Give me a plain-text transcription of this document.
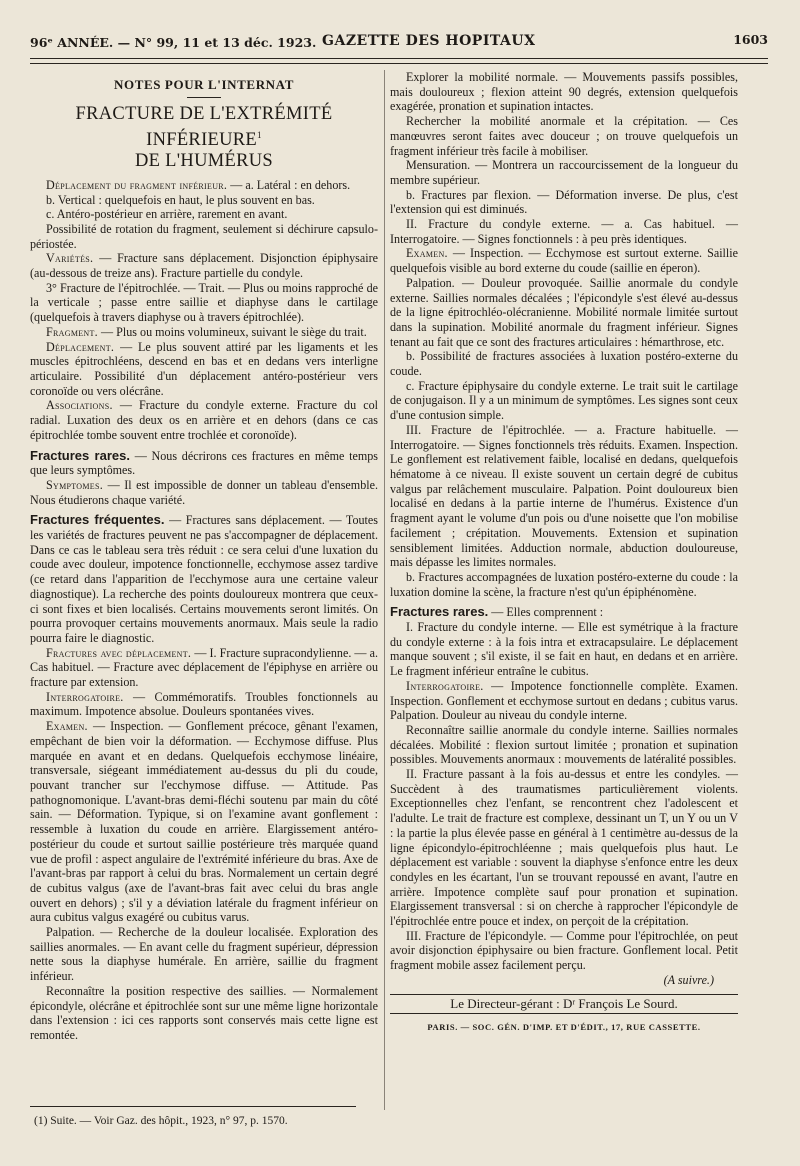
96ᵉ ANNÉE. — N° 99, 11 et 13 déc. 1923. GAZETTE DES HOPITAUX	1603
NOTES POUR L'INTERNAT
FRACTURE DE L'EXTRÉMITÉ INFÉRIEURE$^1$
DE L'HUMÉRUS

Déplacement du fragment inférieur. — a. Latéral : en dehors.

b. Vertical : quelquefois en haut, le plus souvent en bas.

c. Antéro-postérieur en arrière, rarement en avant.

Possibilité de rotation du fragment, seulement si déchirure capsulo-périostée.

Variétés. — Fracture sans déplacement. Disjonction épiphysaire (au-dessous de treize ans). Fracture partielle du condyle.

3° Fracture de l'épitrochlée. — Trait. — Plus ou moins rapproché de la verticale ; passe entre saillie et diaphyse dans le cartilage (quelquefois à travers diaphyse ou à travers épitrochlée).

Fragment. — Plus ou moins volumineux, suivant le siège du trait.

Déplacement. — Le plus souvent attiré par les ligaments et les muscles épitrochléens, descend en bas et en dedans vers interligne articulaire. Possibilité d'un déplacement antéro-postérieur vers coronoïde ou vers olécrâne.

Associations. — Fracture du condyle externe. Fracture du col radial. Luxation des deux os en arrière et en dehors (dans ce cas épitrochlée tombe souvent entre trochlée et coronoïde).

Fractures rares. — Nous décrirons ces fractures en même temps que leurs symptômes.

Symptomes. — Il est impossible de donner un tableau d'ensemble. Nous étudierons chaque variété.

Fractures fréquentes. — Fractures sans déplacement. — Toutes les variétés de fractures peuvent ne pas s'accompagner de déplacement. Dans ce cas le tableau sera très réduit : ce sera celui d'une luxation du coude avec douleur, impotence fonctionnelle, ecchymose assez tardive (ce retard dans l'apparition de l'ecchymose aura une certaine valeur diagnostique). La recherche des points douloureux montrera que ceux-ci sont fixes et bien localisés. Certains mouvements seront limités. On pourra provoquer certains mouvements anormaux. Mais seule la radio pourra faire le diagnostic.

Fractures avec déplacement. — I. Fracture supracondylienne. — a. Cas habituel. — Fracture avec déplacement de l'épiphyse en arrière ou fracture par extension.

Interrogatoire. — Commémoratifs. Troubles fonctionnels au maximum. Impotence absolue. Douleurs spontanées vives.

Examen. — Inspection. — Gonflement précoce, gênant l'examen, empêchant de bien voir la déformation. — Ecchymose diffuse. Plus marquée en avant et en dedans. Quelquefois ecchymose linéaire, transversale, siégeant immédiatement au-dessus du pli du coude, pouvant trancher sur l'ecchymose diffuse. — Attitude. Pas pathognomonique. L'avant-bras demi-fléchi soutenu par main du côté sain. — Déformation. Typique, si on l'examine avant gonflement : ressemble à luxation du coude en arrière. Elargissement antéro-postérieur du coude et surtout saillie postérieure très marquée quand vue de profil : aspect angulaire de l'extrémité inférieure du bras. Axe de l'avant-bras par rapport à celui du bras. Normalement un certain degré de cubitus valgus (axe de l'avant-bras fait avec celui du bras angle ouvert en dehors) ; s'il y a déviation latérale du fragment inférieur on aura cubitus valgus exagéré ou cubitus varus.

Palpation. — Recherche de la douleur localisée. Exploration des saillies anormales. — En avant celle du fragment supérieur, dépression nette sous la diaphyse humérale. En arrière, saillie du fragment inférieur.

Reconnaître la position respective des saillies. — Normalement épicondyle, olécrâne et épitrochlée sont sur une même ligne horizontale dans l'extension : ici ces rapports sont conservés mais cette ligne est remontée.

Explorer la mobilité normale. — Mouvements passifs possibles, mais douloureux ; flexion atteint 90 degrés, extension quelquefois exagérée, pronation et supination intactes.

Rechercher la mobilité anormale et la crépitation. — Ces manœuvres seront faites avec douceur ; on trouve quelquefois un fragment inférieur très facile à mobiliser.

Mensuration. — Montrera un raccourcissement de la longueur du membre supérieur.

b. Fractures par flexion. — Déformation inverse. De plus, c'est l'extension qui est diminués.

II. Fracture du condyle externe. — a. Cas habituel. — Interrogatoire. — Signes fonctionnels : à peu près identiques.

Examen. — Inspection. — Ecchymose est surtout externe. Saillie quelquefois visible au bord externe du coude (saillie en éperon).

Palpation. — Douleur provoquée. Saillie anormale du condyle externe. Saillies normales décalées ; l'épicondyle s'est élevé au-dessus de la ligne épitrochléo-olécranienne. Mobilité normale limitée surtout dans la supination. Mobilité anormale du fragment inférieur. Signes tenant au fait que ce sont des fractures articulaires : hémarthrose, etc.

b. Possibilité de fractures associées à luxation postéro-externe du coude.

c. Fracture épiphysaire du condyle externe. Le trait suit le cartilage de conjugaison. Il y a un minimum de symptômes. Les signes sont ceux d'une contusion simple.

III. Fracture de l'épitrochlée. — a. Fracture habituelle. — Interrogatoire. — Signes fonctionnels très réduits. Examen. Inspection. Le gonflement est relativement faible, localisé en dedans, quelquefois hématome à ce niveau. Il existe souvent un certain degré de cubitus valgus par relâchement musculaire. Palpation. Point douloureux bien localisé en dedans à la partie interne de l'humérus. Existence d'un fragment ayant le volume d'un pois ou d'une noisette que l'on mobilise facilement ; crépitation. Mouvements. Extension et supination sensiblement limitées. Adduction normale, abduction douloureuse, mais dépasse les limites normales.

b. Fractures accompagnées de luxation postéro-externe du coude : la luxation domine la scène, la fracture n'est qu'un épiphénomène.

Fractures rares. — Elles comprennent :

I. Fracture du condyle interne. — Elle est symétrique à la fracture du condyle externe : à la fois intra et extracapsulaire. Le déplacement manque souvent ; s'il existe, il se fait en haut, en dedans et en arrière. Le fragment inférieur entraîne le cubitus.

Interrogatoire. — Impotence fonctionnelle complète. Examen. Inspection. Gonflement et ecchymose surtout en dedans ; cubitus varus. Palpation. Douleur au niveau du condyle interne.

Reconnaître saillie anormale du condyle interne. Saillies normales décalées. Mobilité : flexion surtout limitée ; pronation et supination possibles. Mouvements anormaux : mouvements de latéralité possibles.

II. Fracture passant à la fois au-dessus et entre les condyles. — Succèdent à des traumatismes particulièrement violents. Exceptionnelles chez l'enfant, se rencontrent chez l'adolescent et l'adulte. Le trait de fracture est complexe, dessinant un T, un Y ou un V : la partie la plus élevée passe en général à 1 centimètre au-dessus de la ligne épicondylo-épitrochléenne ; mais quelquefois plus haut. Le déplacement est variable : souvent la diaphyse s'enfonce entre les deux condyles en les écartant, l'un se trouvant repoussé en avant, l'autre en arrière. Impotence complète sauf pour pronation et supination. Elargissement transversal : si on cherche à rapprocher l'épicondyle de l'épitrochlée entre pouce et index, on perçoit de la crépitation.

III. Fracture de l'épicondyle. — Comme pour l'épitrochlée, on peut avoir disjonction épiphysaire ou bien fracture. Gonflement local. Petit fragment mobile assez facilement perçu.

(A suivre.)

Le Directeur-gérant : Dʳ François Le Sourd.

PARIS. — SOC. GÉN. D'IMP. ET D'ÉDIT., 17, RUE CASSETTE.

(1) Suite. — Voir Gaz. des hôpit., 1923, n° 97, p. 1570.
